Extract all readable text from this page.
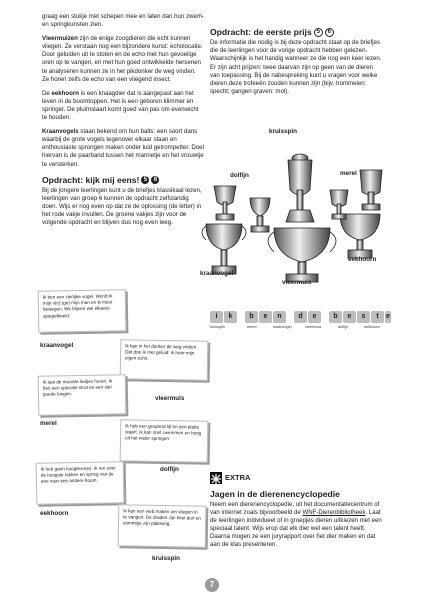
graag een stukje met schepen mee en laten dan hun zwem- en springkunsten zien.

Vleermuizen zijn de enige zoogdieren die echt kunnen vliegen. Ze verstaan nog een bijzondere kunst: echolocatie. Door geluiden uit te stoten en de echo met hun gevoelige oren op te vangen, en met hun goed ontwikkelde hersenen te analyseren kunnen ze in het pikdonker de weg vinden. Ze horen zelfs de echo van een vliegend insect.

De eekhoorn is een knaagdier dat is aangepast aan het leven in de boomtoppen. Het is een geboren klimmer en springer. De pluimstaart komt goed van pas om evenwicht te houden.

Kraanvogels staan bekend om hun balts: een soort dans waarbij de grote vogels tegenover elkaar staan en enthousiaste sprongen maken onder luid getrompetter. Doel hiervan is de paarband tussen het mannetje en het vrouwtje te versterken.

Opdracht: kijk mij eens! 5 6

Bij de jongere leerlingen kunt u de briefjes klassikaal lezen, leerlingen van groep 6 kunnen de opdracht zelfstandig doen. Wijs er nog even op dat ze de oplossing (de letter) in het rode vakje invullen. De groene vakjes zijn voor de volgende opdracht en blijven dus nog even leeg.

Ik ben een sierlijke vogel. Wordt ik mijn v(n) (ge) mijn man en ik mooi bewegen. We blijven wel elkaars spiegelbeeld.
kraanvogel	Ik kan in het donker de weg vinden. Dat doe ik met geluid: ik hoor mijn eigen echo.
vleermuis
Ik laat de mooiste liedjes horen. Ik ben een speciale strot en een stel goede longen.
merel	Ik heb een gespierd lijf en een platte staart. Ik kan snel zwemmen en hoog uit het water springen.
dolfijn
Ik heb geen hoogtevrees. Ik ren over de hoogste takken en spring van de ene naar een andere boom.
eekhoorn	Ik kan een web maken om vliegen in te vangen. De draden zijn heel dun en sommige zijn plakkerig.
kruisspin
Opdracht: de eerste prijs 5 6

De informatie die nodig is bij deze opdracht staat op de briefjes die de leerlingen voor de vorige opdracht hebben gelezen. Waarschijnlijk is het handig wanneer ze die nog een keer lezen. Er zijn acht prijzen: twee daarvan zijn op geen van de dieren van toepassing. Bij de nabespreking kunt u vragen voor welke dieren deze trofeeën zouden kunnen zijn (bijv. trommelen: specht; gangen graven: mol).

kruisspin
dolfijn	merel
kraanvogel
vleermuis
eekhoorn
i	k	b	e	n	d	e	b	e	s	t	e
kruisspin	merel	kraanvogel	vleermuis	dolfijn	eekhoorn
EXTRA
Jagen in de dierenencyclopedie

Neem een dierenencyclopedie, uit het documentatiecentrum of van internet zoals bijvoorbeeld de WNF-Dierenbibliotheek. Laat de leerlingen individueel of in groepjes dieren uitkiezen met een speciaal talent. Wijs erop dat elk dier wel een talent heeft. Daarna mogen ze een juryrapport over het dier maken en dat aan de klas presenteren.

7
